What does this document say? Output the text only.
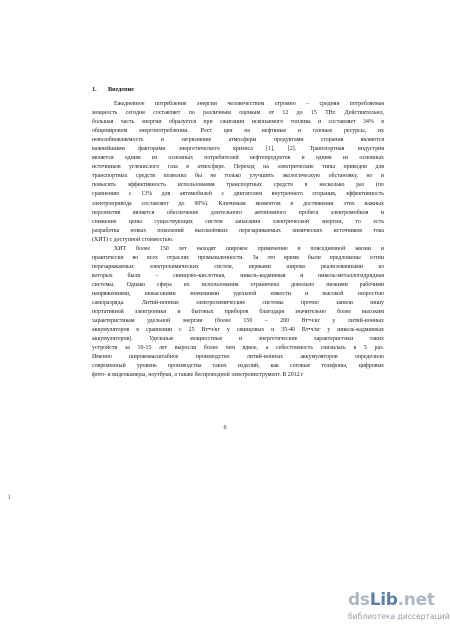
1. Введение
Ежедневное потребление энергии человечеством огромно – средняя потребляемая
мощность сегодня составляет по различным оценкам от 12 до 15 ТВт. Действительно,
большая часть энергии образуется при сжигании ископаемого топлива и составляет 34% в
общемировом энергопотреблении. Рост цен на нефтяные и газовые ресурсы, их
невозобновляемость и загрязнение атмосферы продуктами сгорания являются
важнейшими факторами энергетического кризиса [1], [2]. Транспортная индустрия
является одним из основных потребителей нефтепродуктов и одним из основных
источников углекислого газа в атмосфере. Переход на электрические типы приводов для
транспортных средств позволил бы не только улучшить экологическую обстановку, но и
повысить эффективность использования транспортных средств в несколько раз (по
сравнению с 13% для автомобилей с двигателем внутреннего сгорания, эффективность
электропривода составляет до 90%). Ключевым моментом в достижении этих важных
перспектив является обеспечение длительного автономного пробега электромобиля и
снижение цены существующих систем запасания электрической энергии, то есть
разработка новых поколений высокоёмких перезаряжаемых химических источников тока
(ХИТ) с доступной стоимостью.
ХИТ более 150 лет находят широкое применение в повседневной жизни и
практически во всех отраслях промышленности. За это время были предложены сотни
перезаряжаемых электрохимических систем, первыми широко реализованными из
которых были – свинцово-кислотная, никель-кадмиевая и никель-металлогидридная
системы. Однако сфера их использования ограничена довольно низкими рабочими
напряжениями, невысокими значениями удельной емкости и высокой скоростью
саморазряда. Литий-ионные электрохимические системы прочно заняли нишу
портативной электроники и бытовых приборов благодаря значительно более высоким
характеристикам удельной энергии (более 150 – 200 Вт•ч/кг у литий-ионных
аккумуляторов в сравнении с 25 Вт•ч/кг у свинцовых и 35-40 Вт•ч/кг у никель-кадмиевых
аккумуляторов). Удельные мощностные и энергетические характеристики таких
устройств за 10-15 лет выросли более чем вдвое, а себестоимость снизилась в 5 раз.
Именно широкомасштабное производство литий-ионных аккумуляторов определило
современный уровень производства таких изделий, как сотовые телефоны, цифровые
фото- и видеокамеры, ноутбуки, а также беспроводной электроинструмент. В 2012 г
6
ı
dsLib.net
библиотека диссертаций
